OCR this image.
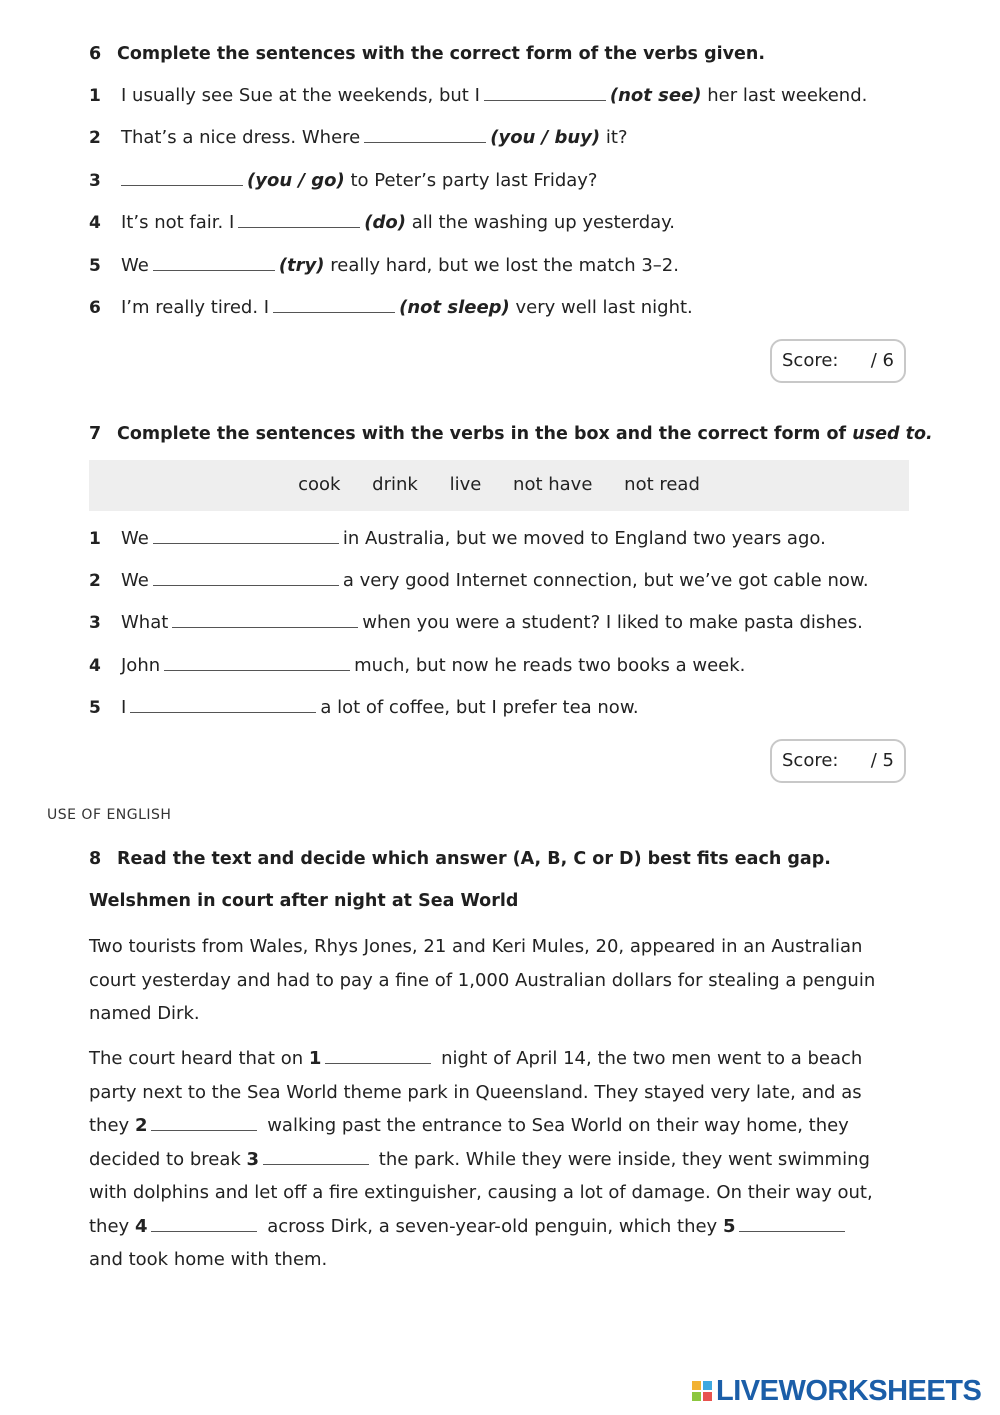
6 Complete the sentences with the correct form of the verbs given.
1 I usually see Sue at the weekends, but I	(not see) her last weekend.
2 That’s a nice dress. Where	(you / buy) it?
3	(you / go) to Peter’s party last Friday?
4 It’s not fair. I	(do) all the washing up yesterday.
5 We	(try) really hard, but we lost the match 3–2.
6 I’m really tired. I	(not sleep) very well last night.
Score: / 6
7 Complete the sentences with the verbs in the box and the correct form of used to.
cook drink live not have not read
1 We	in Australia, but we moved to England two years ago.
2 We	a very good Internet connection, but we’ve got cable now.
3 What	when you were a student? I liked to make pasta dishes.
4 John	much, but now he reads two books a week.
5 I	a lot of coffee, but I prefer tea now.
Score: / 5
USE OF ENGLISH
8 Read the text and decide which answer (A, B, C or D) best fits each gap.
Welshmen in court after night at Sea World
Two tourists from Wales, Rhys Jones, 21 and Keri Mules, 20, appeared in an Australian court yesterday and had to pay a fine of 1,000 Australian dollars for stealing a penguin named Dirk.
The court heard that on 1	night of April 14, the two men went to a beach party next to the Sea World theme park in Queensland. They stayed very late, and as they 2	walking past the entrance to Sea World on their way home, they decided to break 3	the park. While they were inside, they went swimming with dolphins and let off a fire extinguisher, causing a lot of damage. On their way out, they 4	across Dirk, a seven-year-old penguin, which they 5 and took home with them.
LIVEWORKSHEETS
